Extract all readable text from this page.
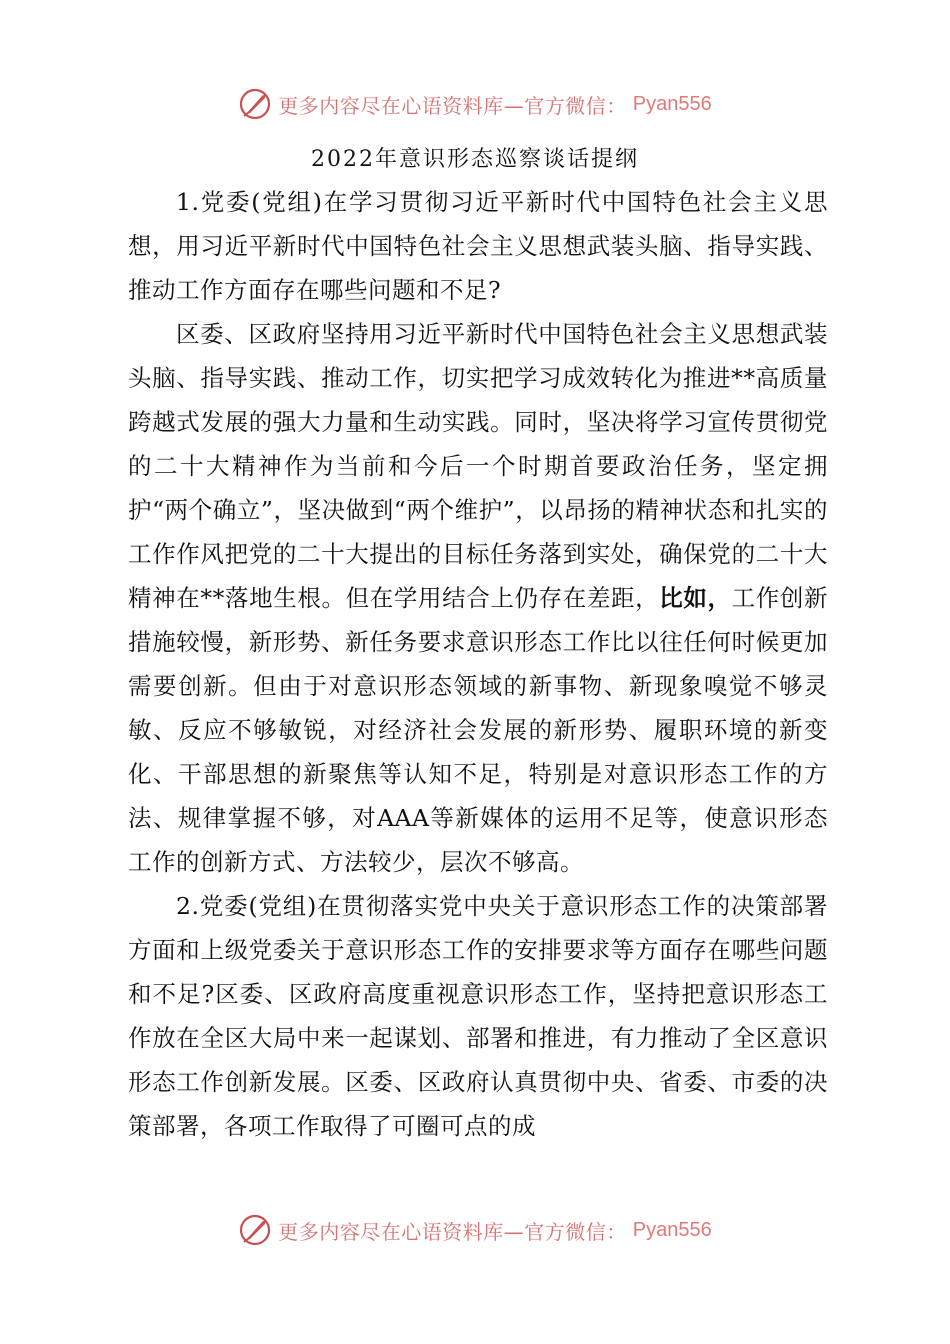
更多内容尽在心语资料库—官方微信： Pyan556
2022年意识形态巡察谈话提纲

1.党委(党组)在学习贯彻习近平新时代中国特色社会主义思想，用习近平新时代中国特色社会主义思想武装头脑、指导实践、推动工作方面存在哪些问题和不足?

区委、区政府坚持用习近平新时代中国特色社会主义思想武装头脑、指导实践、推动工作，切实把学习成效转化为推进**高质量跨越式发展的强大力量和生动实践。同时，坚决将学习宣传贯彻党的二十大精神作为当前和今后一个时期首要政治任务，坚定拥护“两个确立”，坚决做到“两个维护”，以昂扬的精神状态和扎实的工作作风把党的二十大提出的目标任务落到实处，确保党的二十大精神在**落地生根。但在学用结合上仍存在差距，比如，工作创新措施较慢，新形势、新任务要求意识形态工作比以往任何时候更加需要创新。但由于对意识形态领域的新事物、新现象嗅觉不够灵敏、反应不够敏锐，对经济社会发展的新形势、履职环境的新变化、干部思想的新聚焦等认知不足，特别是对意识形态工作的方法、规律掌握不够，对AAA等新媒体的运用不足等，使意识形态工作的创新方式、方法较少，层次不够高。

2.党委(党组)在贯彻落实党中央关于意识形态工作的决策部署方面和上级党委关于意识形态工作的安排要求等方面存在哪些问题和不足?区委、区政府高度重视意识形态工作，坚持把意识形态工作放在全区大局中来一起谋划、部署和推进，有力推动了全区意识形态工作创新发展。区委、区政府认真贯彻中央、省委、市委的决策部署，各项工作取得了可圈可点的成

更多内容尽在心语资料库—官方微信： Pyan556
